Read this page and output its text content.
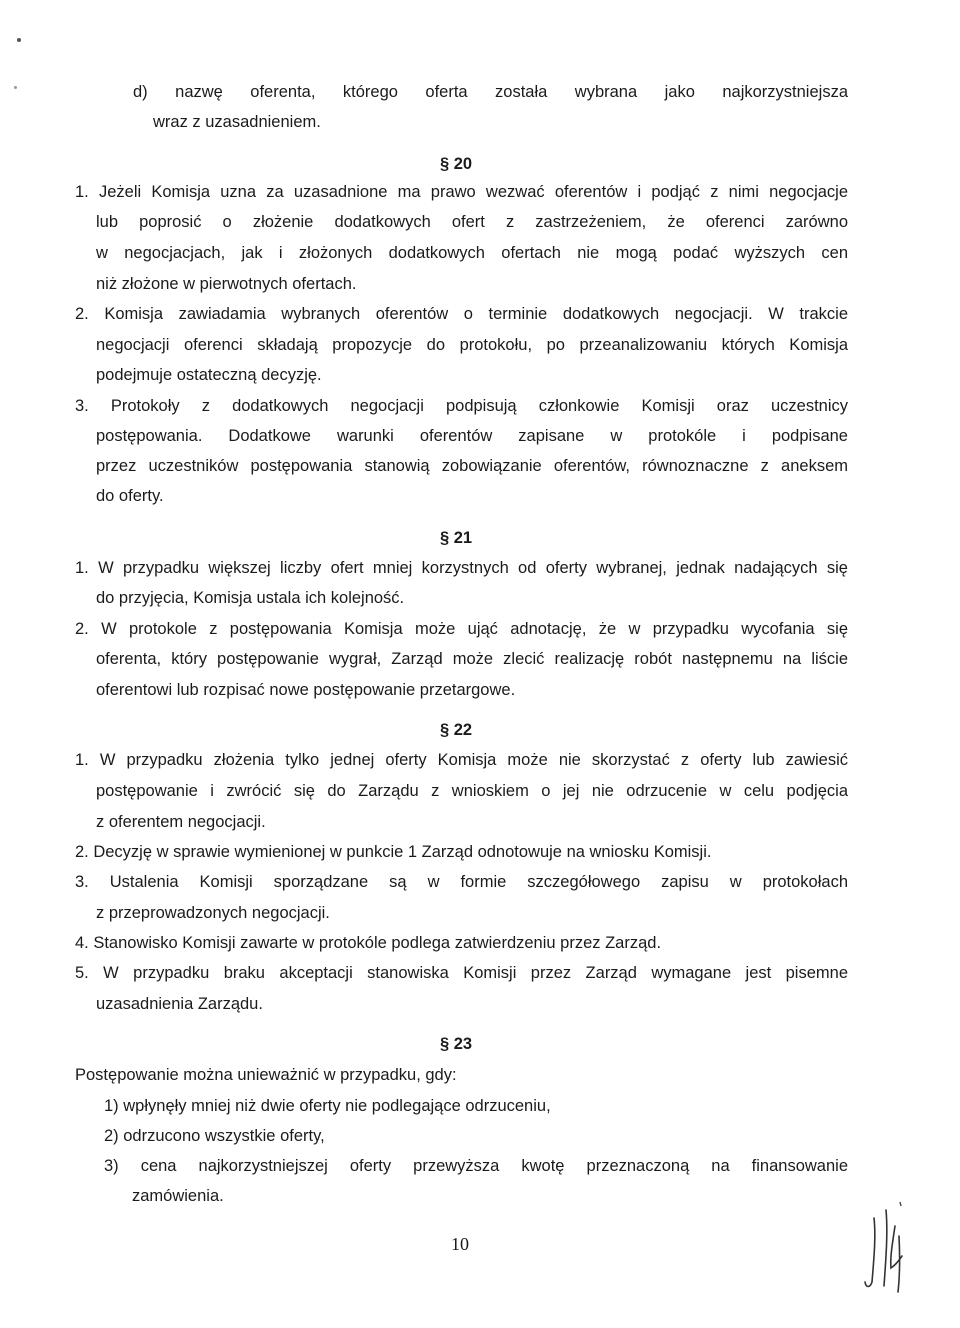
d) nazwę oferenta, którego oferta została wybrana jako najkorzystniejsza
wraz z uzasadnieniem.
§ 20
1. Jeżeli Komisja uzna za uzasadnione ma prawo wezwać oferentów i podjąć z nimi negocjacje
lub poprosić o złożenie dodatkowych ofert z zastrzeżeniem, że oferenci zarówno
w negocjacjach, jak i złożonych dodatkowych ofertach nie mogą podać wyższych cen
niż złożone w pierwotnych ofertach.
2. Komisja zawiadamia wybranych oferentów o terminie dodatkowych negocjacji. W trakcie
negocjacji oferenci składają propozycje do protokołu, po przeanalizowaniu których Komisja
podejmuje ostateczną decyzję.
3. Protokoły z dodatkowych negocjacji podpisują członkowie Komisji oraz uczestnicy
postępowania. Dodatkowe warunki oferentów zapisane w protokóle i podpisane
przez uczestników postępowania stanowią zobowiązanie oferentów, równoznaczne z aneksem
do oferty.
§ 21
1. W przypadku większej liczby ofert mniej korzystnych od oferty wybranej, jednak nadających się
do przyjęcia, Komisja ustala ich kolejność.
2. W protokole z postępowania Komisja może ująć adnotację, że w przypadku wycofania się
oferenta, który postępowanie wygrał, Zarząd może zlecić realizację robót następnemu na liście
oferentowi lub rozpisać nowe postępowanie przetargowe.
§ 22
1. W przypadku złożenia tylko jednej oferty Komisja może nie skorzystać z oferty lub zawiesić
postępowanie i zwrócić się do Zarządu z wnioskiem o jej nie odrzucenie w celu podjęcia
z oferentem negocjacji.
2. Decyzję w sprawie wymienionej w punkcie 1 Zarząd odnotowuje na wniosku Komisji.
3. Ustalenia Komisji sporządzane są w formie szczegółowego zapisu w protokołach
z przeprowadzonych negocjacji.
4. Stanowisko Komisji zawarte w protokóle podlega zatwierdzeniu przez Zarząd.
5. W przypadku braku akceptacji stanowiska Komisji przez Zarząd wymagane jest pisemne
uzasadnienia Zarządu.
§ 23
Postępowanie można unieważnić w przypadku, gdy:
1) wpłynęły mniej niż dwie oferty nie podlegające odrzuceniu,
2) odrzucono wszystkie oferty,
3) cena najkorzystniejszej oferty przewyższa kwotę przeznaczoną na finansowanie
zamówienia.
10
